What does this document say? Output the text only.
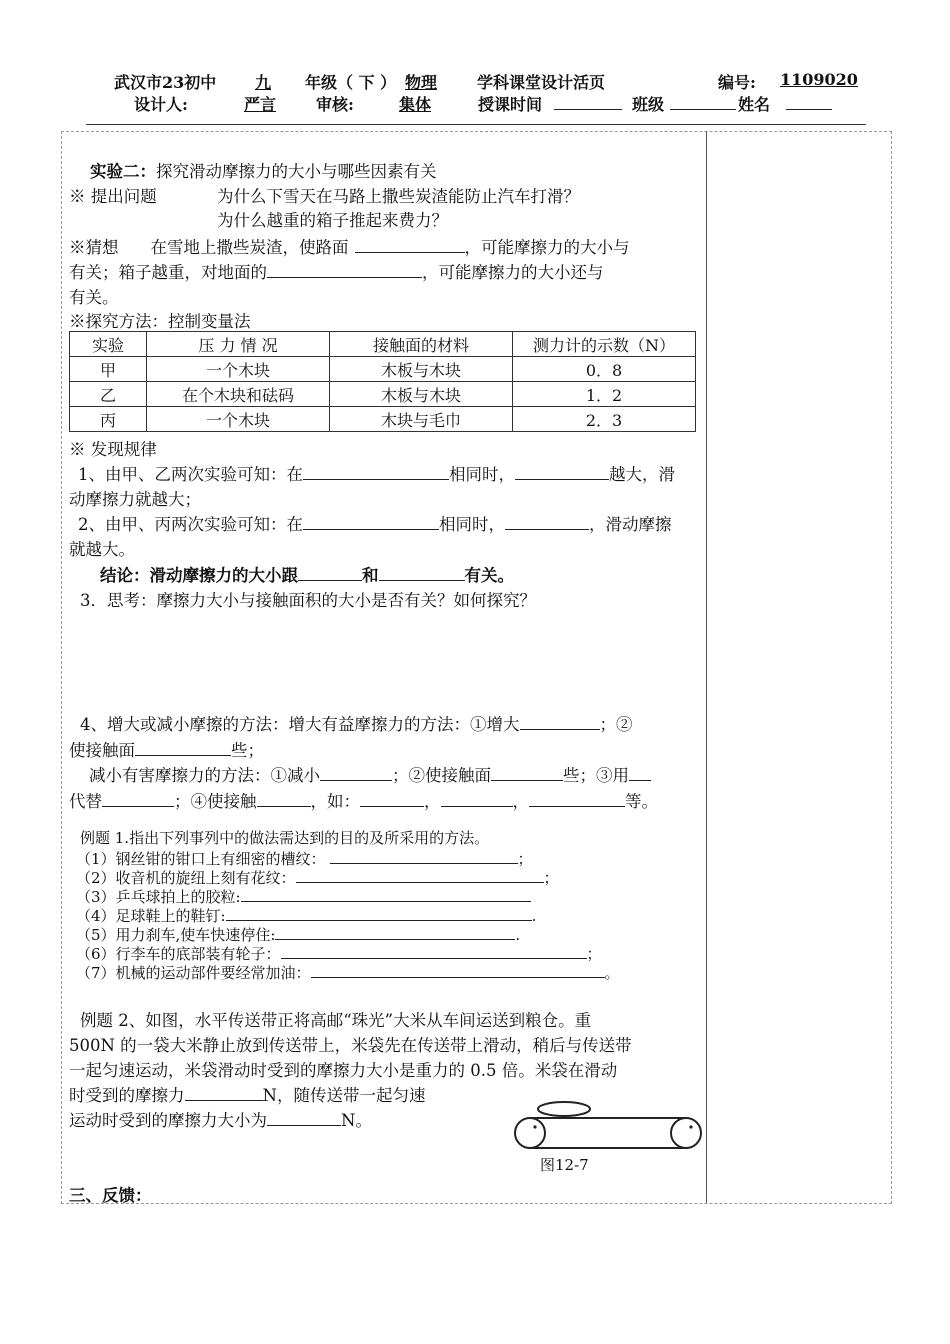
武汉市23初中	九	年级（ 下 ） 物理	学科课堂设计活页	编号: 1109020
设计人:	严言	审核:	集体	授课时间	班级	姓名
实验二：探究滑动摩擦力的大小与哪些因素有关
※ 提出问题	为什么下雪天在马路上撒些炭渣能防止汽车打滑？
为什么越重的箱子推起来费力？
※猜想 在雪地上撒些炭渣，使路面	，可能摩擦力的大小与
有关；箱子越重，对地面的	，可能摩擦力的大小还与
有关。
※探究方法：控制变量法
实验	压 力 情 况	接触面的材料	测力计的示数（N）
甲	一个木块	木板与木块	0．8
乙	在个木块和砝码	木板与木块	1．2
丙	一个木块	木块与毛巾	2．3
※ 发现规律
1、由甲、乙两次实验可知：在	相同时，	越大，滑
动摩擦力就越大；
2、由甲、丙两次实验可知：在	相同时，	，滑动摩擦
就越大。
结论：滑动摩擦力的大小跟	和	有关。
3．思考：摩擦力大小与接触面积的大小是否有关？如何探究？
4、增大或减小摩擦的方法：增大有益摩擦力的方法：①增大	；②
使接触面	些；
减小有害摩擦力的方法：①减小	；②使接触面	些；③用
代替	；④使接触	，如：	，	，	等。
例题 1.指出下列事列中的做法需达到的目的及所采用的方法。
（1）钢丝钳的钳口上有细密的槽纹：	；
（2）收音机的旋纽上刻有花纹：	；
（3）乒乓球拍上的胶粒:
（4）足球鞋上的鞋钉:	.
（5）用力刹车,使车快速停住:	.
（6）行李车的底部装有轮子：	；
（7）机械的运动部件要经常加油：	。
例题 2、如图，水平传送带正将高邮“珠光”大米从车间运送到粮仓。重
500N 的一袋大米静止放到传送带上，米袋先在传送带上滑动，稍后与传送带
一起匀速运动，米袋滑动时受到的摩擦力大小是重力的 0.5 倍。米袋在滑动
时受到的摩擦力	N，随传送带一起匀速
运动时受到的摩擦力大小为	N。
图12-7
三、反馈：
